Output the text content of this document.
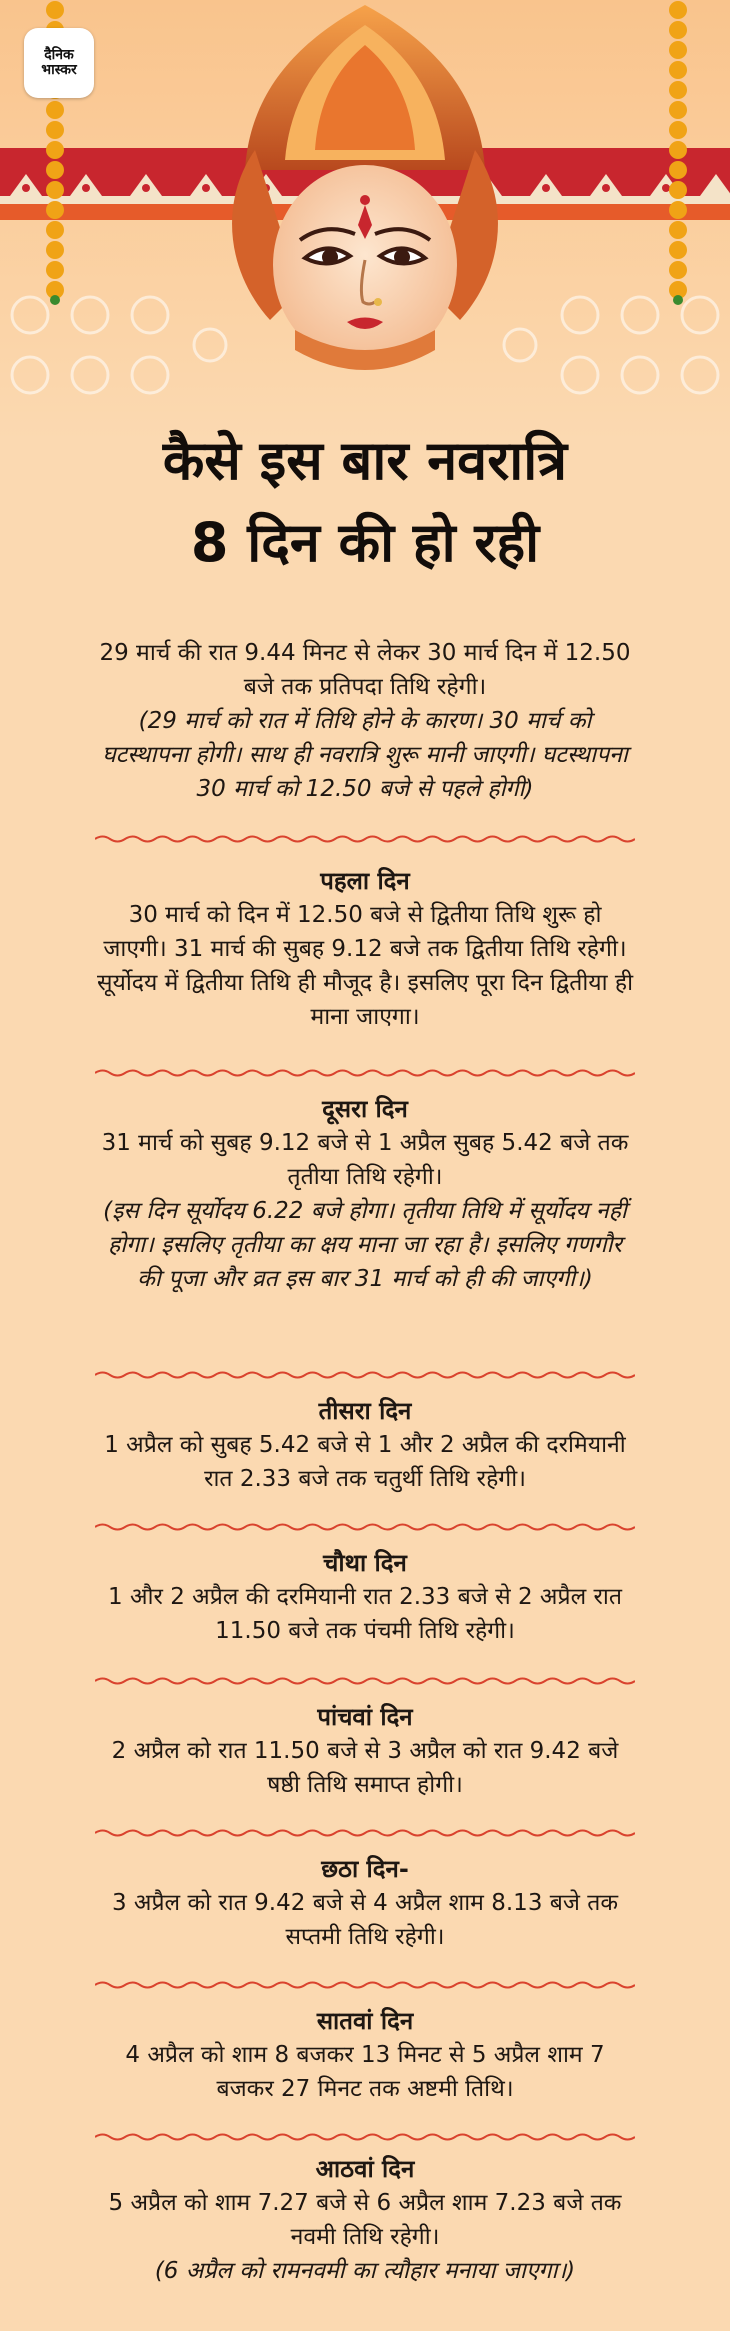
दैनिक
भास्कर
कैसे इस बार नवरात्रि
8 दिन की हो रही
29 मार्च की रात 9.44 मिनट से लेकर 30 मार्च दिन में 12.50 बजे तक प्रतिपदा तिथि रहेगी।
(29 मार्च को रात में तिथि होने के कारण। 30 मार्च को घटस्थापना होगी। साथ ही नवरात्रि शुरू मानी जाएगी। घटस्थापना 30 मार्च को 12.50 बजे से पहले होगी)
पहला दिन
30 मार्च को दिन में 12.50 बजे से द्वितीया तिथि शुरू हो जाएगी। 31 मार्च की सुबह 9.12 बजे तक द्वितीया तिथि रहेगी। सूर्योदय में द्वितीया तिथि ही मौजूद है। इसलिए पूरा दिन द्वितीया ही माना जाएगा।
दूसरा दिन
31 मार्च को सुबह 9.12 बजे से 1 अप्रैल सुबह 5.42 बजे तक तृतीया तिथि रहेगी।
(इस दिन सूर्योदय 6.22 बजे होगा। तृतीया तिथि में सूर्योदय नहीं होगा। इसलिए तृतीया का क्षय माना जा रहा है। इसलिए गणगौर की पूजा और व्रत इस बार 31 मार्च को ही की जाएगी।)
तीसरा दिन
1 अप्रैल को सुबह 5.42 बजे से 1 और 2 अप्रैल की दरमियानी रात 2.33 बजे तक चतुर्थी तिथि रहेगी।
चौथा दिन
1 और 2 अप्रैल की दरमियानी रात 2.33 बजे से 2 अप्रैल रात 11.50 बजे तक पंचमी तिथि रहेगी।
पांचवां दिन
2 अप्रैल को रात 11.50 बजे से 3 अप्रैल को रात 9.42 बजे षष्ठी तिथि समाप्त होगी।
छठा दिन-
3 अप्रैल को रात 9.42 बजे से 4 अप्रैल शाम 8.13 बजे तक सप्तमी तिथि रहेगी।
सातवां दिन
4 अप्रैल को शाम 8 बजकर 13 मिनट से 5 अप्रैल शाम 7 बजकर 27 मिनट तक अष्टमी तिथि।
आठवां दिन
5 अप्रैल को शाम 7.27 बजे से 6 अप्रैल शाम 7.23 बजे तक नवमी तिथि रहेगी।
(6 अप्रैल को रामनवमी का त्यौहार मनाया जाएगा।)
